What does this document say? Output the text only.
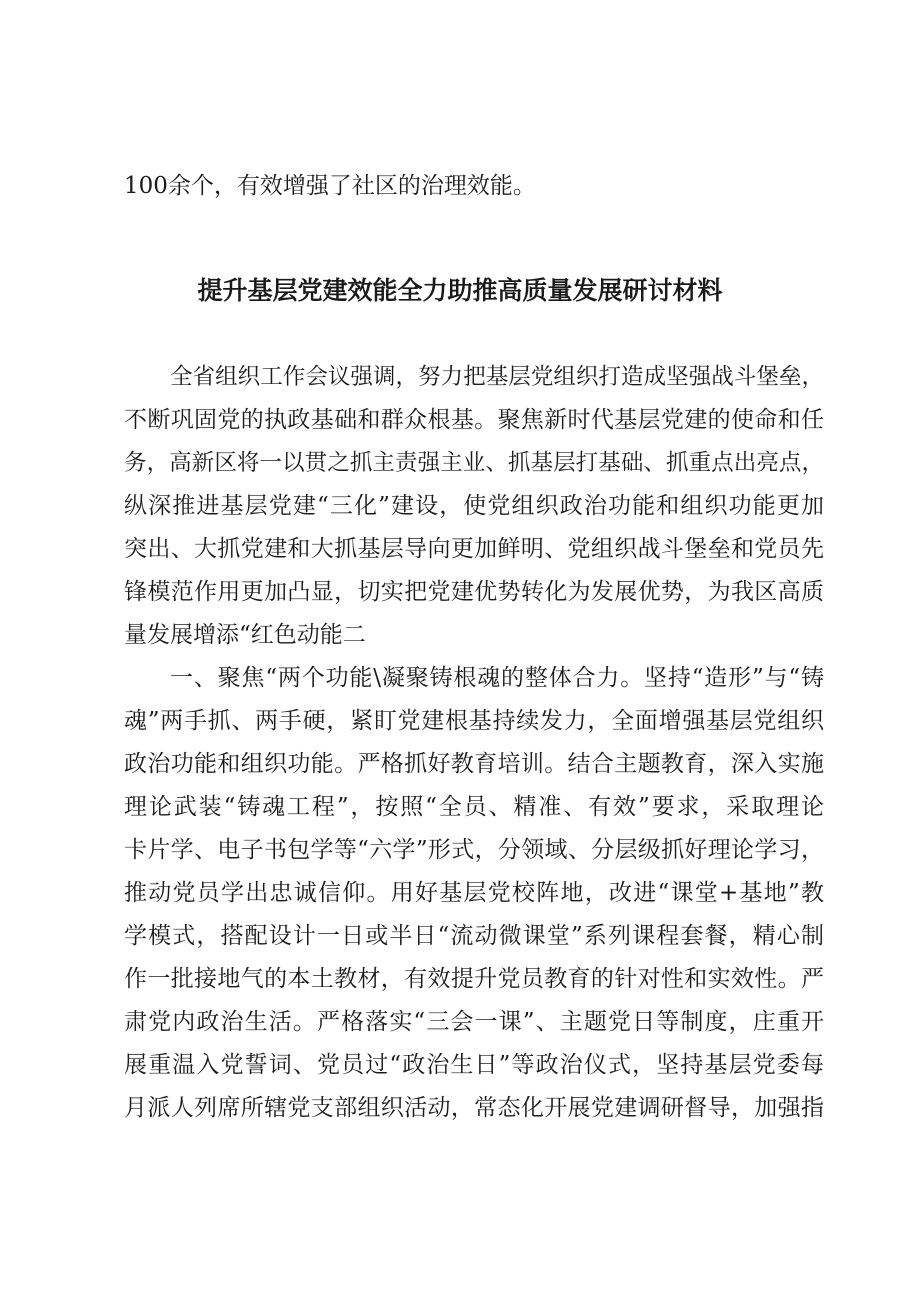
100余个，有效增强了社区的治理效能。
提升基层党建效能全力助推高质量发展研讨材料
全省组织工作会议强调，努力把基层党组织打造成坚强战斗堡垒，
不断巩固党的执政基础和群众根基。聚焦新时代基层党建的使命和任
务，高新区将一以贯之抓主责强主业、抓基层打基础、抓重点出亮点，
纵深推进基层党建“三化”建设，使党组织政治功能和组织功能更加
突出、大抓党建和大抓基层导向更加鲜明、党组织战斗堡垒和党员先
锋模范作用更加凸显，切实把党建优势转化为发展优势，为我区高质
量发展增添“红色动能二
一、聚焦“两个功能\凝聚铸根魂的整体合力。坚持“造形”与“铸
魂”两手抓、两手硬，紧盯党建根基持续发力，全面增强基层党组织
政治功能和组织功能。严格抓好教育培训。结合主题教育，深入实施
理论武装“铸魂工程”，按照“全员、精准、有效”要求，采取理论
卡片学、电子书包学等“六学”形式，分领域、分层级抓好理论学习，
推动党员学出忠诚信仰。用好基层党校阵地，改进“课堂+基地”教
学模式，搭配设计一日或半日“流动微课堂”系列课程套餐，精心制
作一批接地气的本土教材，有效提升党员教育的针对性和实效性。严
肃党内政治生活。严格落实“三会一课”、主题党日等制度，庄重开
展重温入党誓词、党员过“政治生日”等政治仪式，坚持基层党委每
月派人列席所辖党支部组织活动，常态化开展党建调研督导，加强指
